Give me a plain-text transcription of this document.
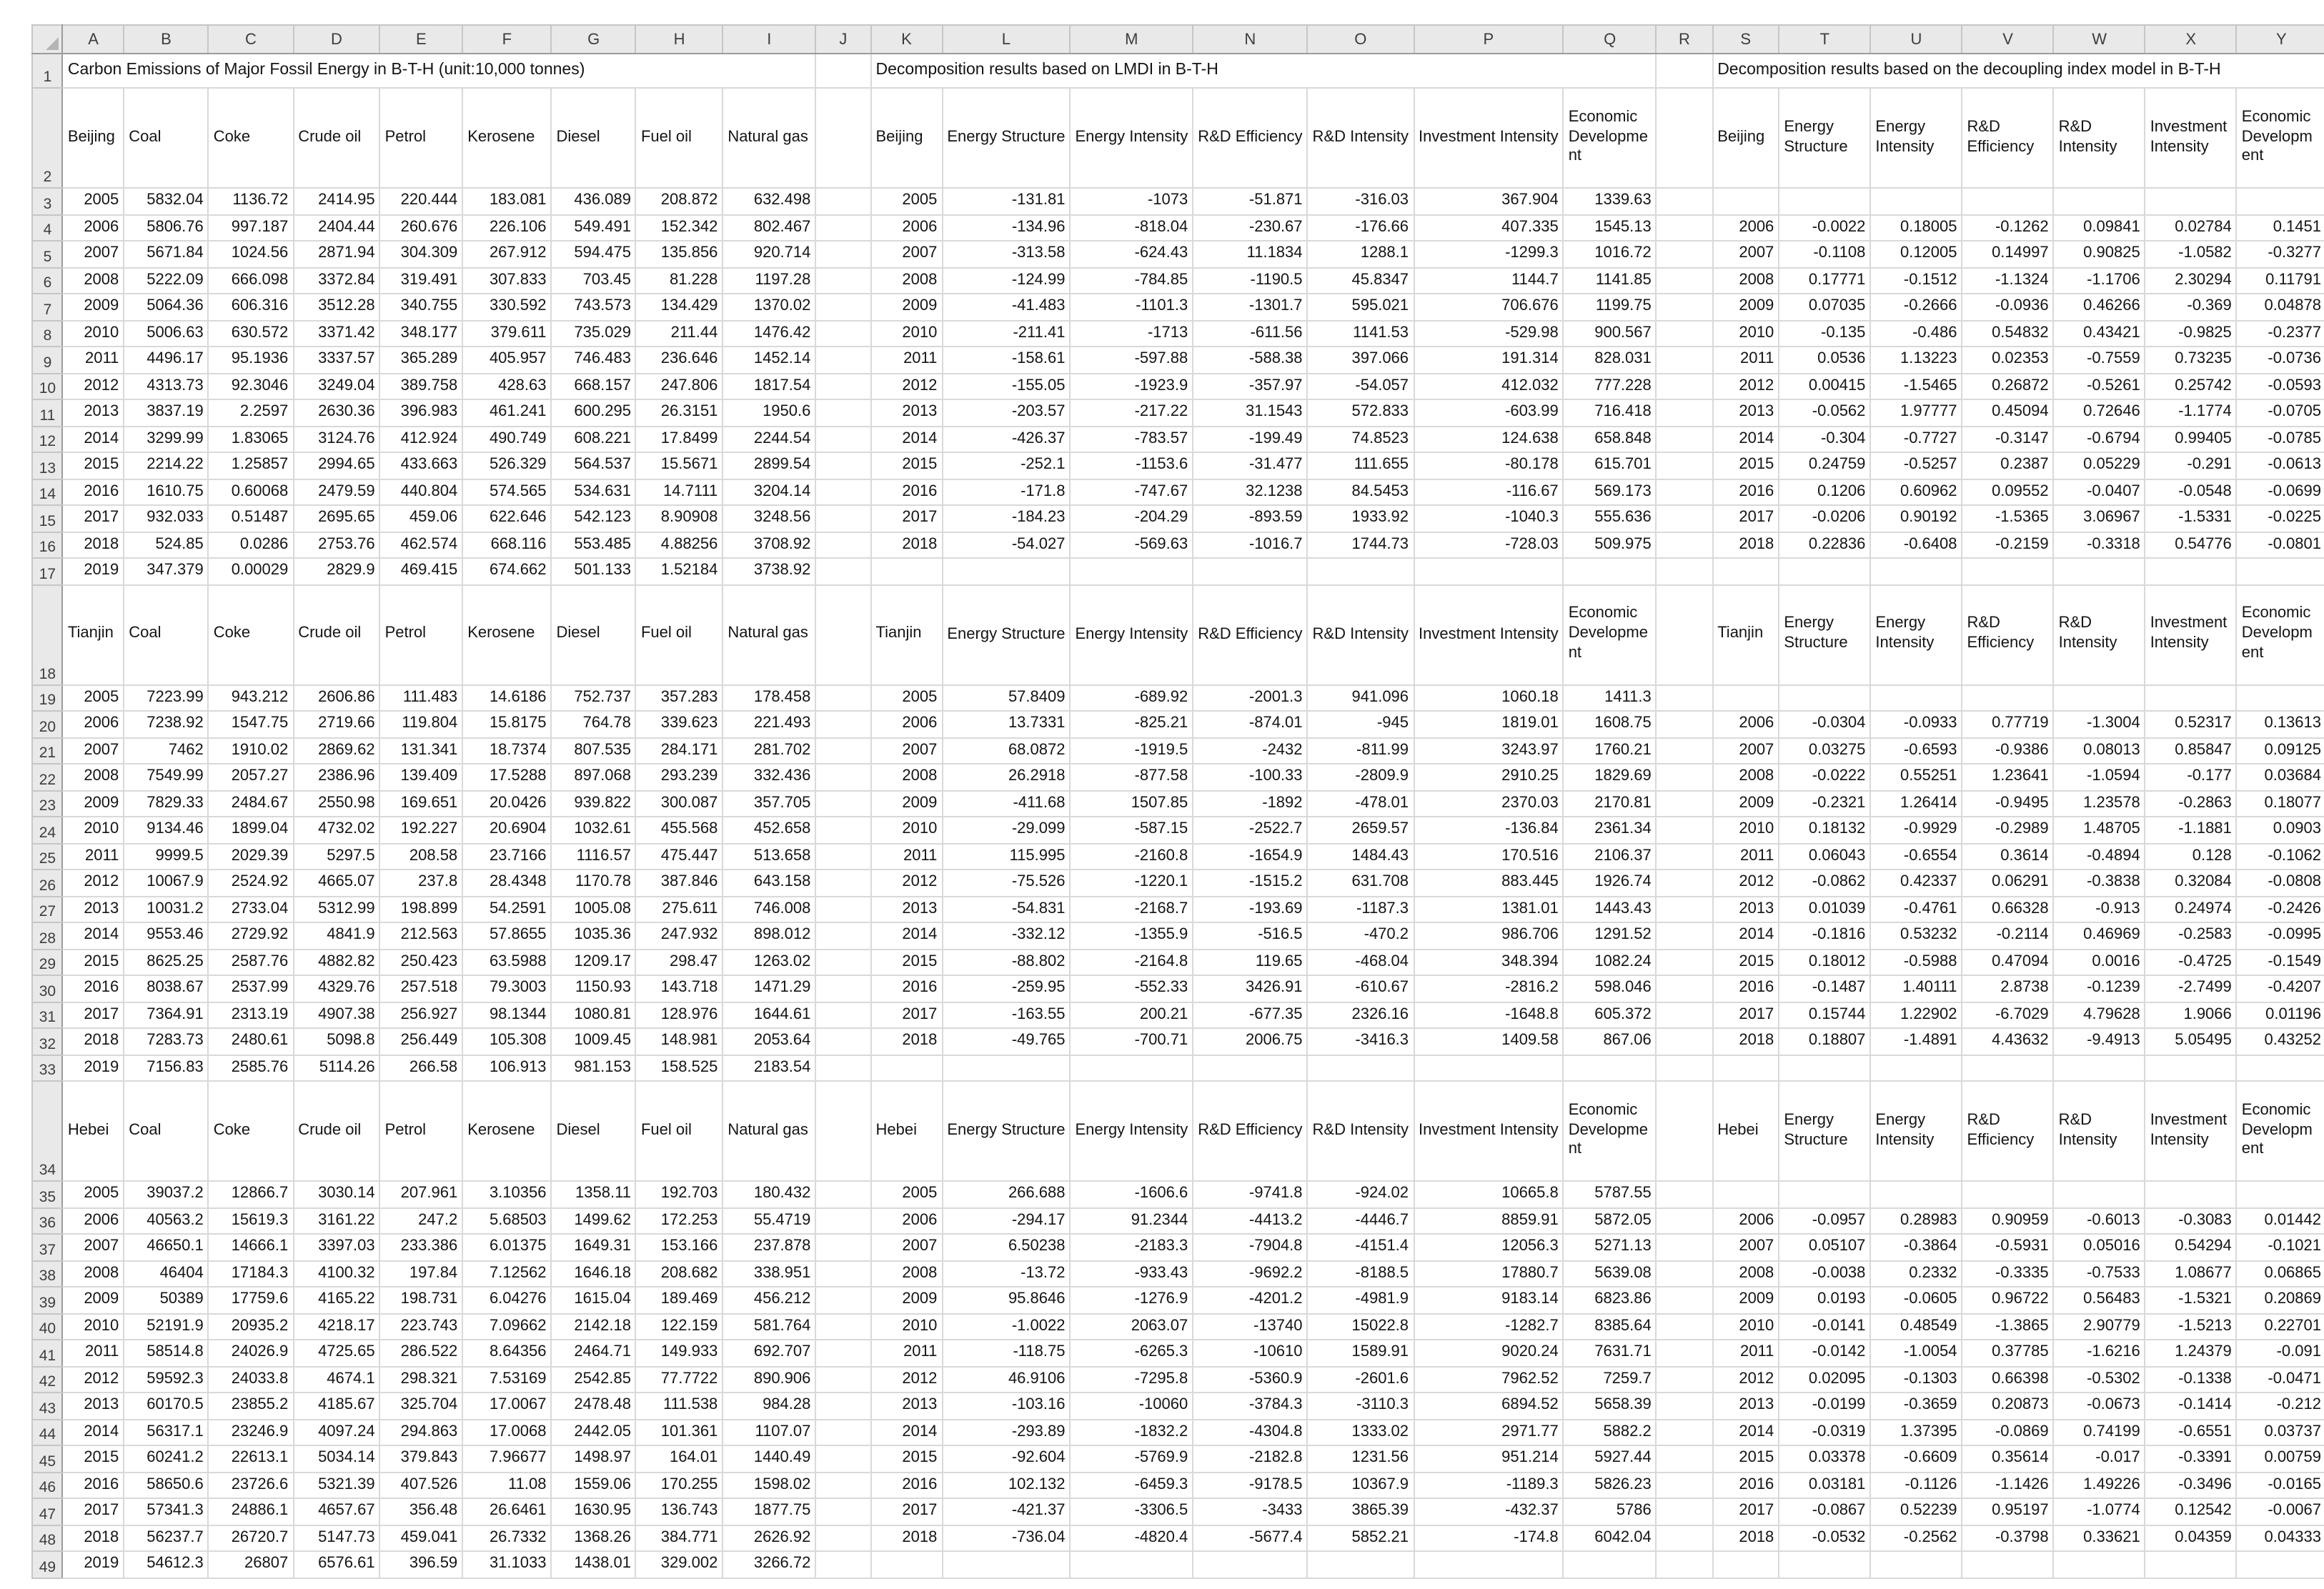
	A	B	C	D	E	F	G	H	I	J	K	L	M	N	O	P	Q	R	S	T	U	V	W	X	Y
1	Carbon Emissions of Major Fossil Energy in B-T-H (unit:10,000 tonnes)										Decomposition results based on LMDI in B-T-H								Decomposition results based on the decoupling index model in B-T-H						
2	Beijing	Coal	Coke	Crude oil	Petrol	Kerosene	Diesel	Fuel oil	Natural gas		Beijing	Energy Structure	Energy Intensity	R&D Efficiency	R&D Intensity	Investment Intensity	Economic Development		Beijing	Energy Structure	Energy Intensity	R&D Efficiency	R&D Intensity	Investment Intensity	Economic Development
3	2005	5832.04	1136.72	2414.95	220.444	183.081	436.089	208.872	632.498		2005	-131.81	-1073	-51.871	-316.03	367.904	1339.63								
4	2006	5806.76	997.187	2404.44	260.676	226.106	549.491	152.342	802.467		2006	-134.96	-818.04	-230.67	-176.66	407.335	1545.13		2006	-0.0022	0.18005	-0.1262	0.09841	0.02784	0.1451
5	2007	5671.84	1024.56	2871.94	304.309	267.912	594.475	135.856	920.714		2007	-313.58	-624.43	11.1834	1288.1	-1299.3	1016.72		2007	-0.1108	0.12005	0.14997	0.90825	-1.0582	-0.3277
6	2008	5222.09	666.098	3372.84	319.491	307.833	703.45	81.228	1197.28		2008	-124.99	-784.85	-1190.5	45.8347	1144.7	1141.85		2008	0.17771	-0.1512	-1.1324	-1.1706	2.30294	0.11791
7	2009	5064.36	606.316	3512.28	340.755	330.592	743.573	134.429	1370.02		2009	-41.483	-1101.3	-1301.7	595.021	706.676	1199.75		2009	0.07035	-0.2666	-0.0936	0.46266	-0.369	0.04878
8	2010	5006.63	630.572	3371.42	348.177	379.611	735.029	211.44	1476.42		2010	-211.41	-1713	-611.56	1141.53	-529.98	900.567		2010	-0.135	-0.486	0.54832	0.43421	-0.9825	-0.2377
9	2011	4496.17	95.1936	3337.57	365.289	405.957	746.483	236.646	1452.14		2011	-158.61	-597.88	-588.38	397.066	191.314	828.031		2011	0.0536	1.13223	0.02353	-0.7559	0.73235	-0.0736
10	2012	4313.73	92.3046	3249.04	389.758	428.63	668.157	247.806	1817.54		2012	-155.05	-1923.9	-357.97	-54.057	412.032	777.228		2012	0.00415	-1.5465	0.26872	-0.5261	0.25742	-0.0593
11	2013	3837.19	2.2597	2630.36	396.983	461.241	600.295	26.3151	1950.6		2013	-203.57	-217.22	31.1543	572.833	-603.99	716.418		2013	-0.0562	1.97777	0.45094	0.72646	-1.1774	-0.0705
12	2014	3299.99	1.83065	3124.76	412.924	490.749	608.221	17.8499	2244.54		2014	-426.37	-783.57	-199.49	74.8523	124.638	658.848		2014	-0.304	-0.7727	-0.3147	-0.6794	0.99405	-0.0785
13	2015	2214.22	1.25857	2994.65	433.663	526.329	564.537	15.5671	2899.54		2015	-252.1	-1153.6	-31.477	111.655	-80.178	615.701		2015	0.24759	-0.5257	0.2387	0.05229	-0.291	-0.0613
14	2016	1610.75	0.60068	2479.59	440.804	574.565	534.631	14.7111	3204.14		2016	-171.8	-747.67	32.1238	84.5453	-116.67	569.173		2016	0.1206	0.60962	0.09552	-0.0407	-0.0548	-0.0699
15	2017	932.033	0.51487	2695.65	459.06	622.646	542.123	8.90908	3248.56		2017	-184.23	-204.29	-893.59	1933.92	-1040.3	555.636		2017	-0.0206	0.90192	-1.5365	3.06967	-1.5331	-0.0225
16	2018	524.85	0.0286	2753.76	462.574	668.116	553.485	4.88256	3708.92		2018	-54.027	-569.63	-1016.7	1744.73	-728.03	509.975		2018	0.22836	-0.6408	-0.2159	-0.3318	0.54776	-0.0801
17	2019	347.379	0.00029	2829.9	469.415	674.662	501.133	1.52184	3738.92																
18	Tianjin	Coal	Coke	Crude oil	Petrol	Kerosene	Diesel	Fuel oil	Natural gas		Tianjin	Energy Structure	Energy Intensity	R&D Efficiency	R&D Intensity	Investment Intensity	Economic Development		Tianjin	Energy Structure	Energy Intensity	R&D Efficiency	R&D Intensity	Investment Intensity	Economic Development
19	2005	7223.99	943.212	2606.86	111.483	14.6186	752.737	357.283	178.458		2005	57.8409	-689.92	-2001.3	941.096	1060.18	1411.3								
20	2006	7238.92	1547.75	2719.66	119.804	15.8175	764.78	339.623	221.493		2006	13.7331	-825.21	-874.01	-945	1819.01	1608.75		2006	-0.0304	-0.0933	0.77719	-1.3004	0.52317	0.13613
21	2007	7462	1910.02	2869.62	131.341	18.7374	807.535	284.171	281.702		2007	68.0872	-1919.5	-2432	-811.99	3243.97	1760.21		2007	0.03275	-0.6593	-0.9386	0.08013	0.85847	0.09125
22	2008	7549.99	2057.27	2386.96	139.409	17.5288	897.068	293.239	332.436		2008	26.2918	-877.58	-100.33	-2809.9	2910.25	1829.69		2008	-0.0222	0.55251	1.23641	-1.0594	-0.177	0.03684
23	2009	7829.33	2484.67	2550.98	169.651	20.0426	939.822	300.087	357.705		2009	-411.68	1507.85	-1892	-478.01	2370.03	2170.81		2009	-0.2321	1.26414	-0.9495	1.23578	-0.2863	0.18077
24	2010	9134.46	1899.04	4732.02	192.227	20.6904	1032.61	455.568	452.658		2010	-29.099	-587.15	-2522.7	2659.57	-136.84	2361.34		2010	0.18132	-0.9929	-0.2989	1.48705	-1.1881	0.0903
25	2011	9999.5	2029.39	5297.5	208.58	23.7166	1116.57	475.447	513.658		2011	115.995	-2160.8	-1654.9	1484.43	170.516	2106.37		2011	0.06043	-0.6554	0.3614	-0.4894	0.128	-0.1062
26	2012	10067.9	2524.92	4665.07	237.8	28.4348	1170.78	387.846	643.158		2012	-75.526	-1220.1	-1515.2	631.708	883.445	1926.74		2012	-0.0862	0.42337	0.06291	-0.3838	0.32084	-0.0808
27	2013	10031.2	2733.04	5312.99	198.899	54.2591	1005.08	275.611	746.008		2013	-54.831	-2168.7	-193.69	-1187.3	1381.01	1443.43		2013	0.01039	-0.4761	0.66328	-0.913	0.24974	-0.2426
28	2014	9553.46	2729.92	4841.9	212.563	57.8655	1035.36	247.932	898.012		2014	-332.12	-1355.9	-516.5	-470.2	986.706	1291.52		2014	-0.1816	0.53232	-0.2114	0.46969	-0.2583	-0.0995
29	2015	8625.25	2587.76	4882.82	250.423	63.5988	1209.17	298.47	1263.02		2015	-88.802	-2164.8	119.65	-468.04	348.394	1082.24		2015	0.18012	-0.5988	0.47094	0.0016	-0.4725	-0.1549
30	2016	8038.67	2537.99	4329.76	257.518	79.3003	1150.93	143.718	1471.29		2016	-259.95	-552.33	3426.91	-610.67	-2816.2	598.046		2016	-0.1487	1.40111	2.8738	-0.1239	-2.7499	-0.4207
31	2017	7364.91	2313.19	4907.38	256.927	98.1344	1080.81	128.976	1644.61		2017	-163.55	200.21	-677.35	2326.16	-1648.8	605.372		2017	0.15744	1.22902	-6.7029	4.79628	1.9066	0.01196
32	2018	7283.73	2480.61	5098.8	256.449	105.308	1009.45	148.981	2053.64		2018	-49.765	-700.71	2006.75	-3416.3	1409.58	867.06		2018	0.18807	-1.4891	4.43632	-9.4913	5.05495	0.43252
33	2019	7156.83	2585.76	5114.26	266.58	106.913	981.153	158.525	2183.54																
34	Hebei	Coal	Coke	Crude oil	Petrol	Kerosene	Diesel	Fuel oil	Natural gas		Hebei	Energy Structure	Energy Intensity	R&D Efficiency	R&D Intensity	Investment Intensity	Economic Development		Hebei	Energy Structure	Energy Intensity	R&D Efficiency	R&D Intensity	Investment Intensity	Economic Development
35	2005	39037.2	12866.7	3030.14	207.961	3.10356	1358.11	192.703	180.432		2005	266.688	-1606.6	-9741.8	-924.02	10665.8	5787.55								
36	2006	40563.2	15619.3	3161.22	247.2	5.68503	1499.62	172.253	55.4719		2006	-294.17	91.2344	-4413.2	-4446.7	8859.91	5872.05		2006	-0.0957	0.28983	0.90959	-0.6013	-0.3083	0.01442
37	2007	46650.1	14666.1	3397.03	233.386	6.01375	1649.31	153.166	237.878		2007	6.50238	-2183.3	-7904.8	-4151.4	12056.3	5271.13		2007	0.05107	-0.3864	-0.5931	0.05016	0.54294	-0.1021
38	2008	46404	17184.3	4100.32	197.84	7.12562	1646.18	208.682	338.951		2008	-13.72	-933.43	-9692.2	-8188.5	17880.7	5639.08		2008	-0.0038	0.2332	-0.3335	-0.7533	1.08677	0.06865
39	2009	50389	17759.6	4165.22	198.731	6.04276	1615.04	189.469	456.212		2009	95.8646	-1276.9	-4201.2	-4981.9	9183.14	6823.86		2009	0.0193	-0.0605	0.96722	0.56483	-1.5321	0.20869
40	2010	52191.9	20935.2	4218.17	223.743	7.09662	2142.18	122.159	581.764		2010	-1.0022	2063.07	-13740	15022.8	-1282.7	8385.64		2010	-0.0141	0.48549	-1.3865	2.90779	-1.5213	0.22701
41	2011	58514.8	24026.9	4725.65	286.522	8.64356	2464.71	149.933	692.707		2011	-118.75	-6265.3	-10610	1589.91	9020.24	7631.71		2011	-0.0142	-1.0054	0.37785	-1.6216	1.24379	-0.091
42	2012	59592.3	24033.8	4674.1	298.321	7.53169	2542.85	77.7722	890.906		2012	46.9106	-7295.8	-5360.9	-2601.6	7962.52	7259.7		2012	0.02095	-0.1303	0.66398	-0.5302	-0.1338	-0.0471
43	2013	60170.5	23855.2	4185.67	325.704	17.0067	2478.48	111.538	984.28		2013	-103.16	-10060	-3784.3	-3110.3	6894.52	5658.39		2013	-0.0199	-0.3659	0.20873	-0.0673	-0.1414	-0.212
44	2014	56317.1	23246.9	4097.24	294.863	17.0068	2442.05	101.361	1107.07		2014	-293.89	-1832.2	-4304.8	1333.02	2971.77	5882.2		2014	-0.0319	1.37395	-0.0869	0.74199	-0.6551	0.03737
45	2015	60241.2	22613.1	5034.14	379.843	7.96677	1498.97	164.01	1440.49		2015	-92.604	-5769.9	-2182.8	1231.56	951.214	5927.44		2015	0.03378	-0.6609	0.35614	-0.017	-0.3391	0.00759
46	2016	58650.6	23726.6	5321.39	407.526	11.08	1559.06	170.255	1598.02		2016	102.132	-6459.3	-9178.5	10367.9	-1189.3	5826.23		2016	0.03181	-0.1126	-1.1426	1.49226	-0.3496	-0.0165
47	2017	57341.3	24886.1	4657.67	356.48	26.6461	1630.95	136.743	1877.75		2017	-421.37	-3306.5	-3433	3865.39	-432.37	5786		2017	-0.0867	0.52239	0.95197	-1.0774	0.12542	-0.0067
48	2018	56237.7	26720.7	5147.73	459.041	26.7332	1368.26	384.771	2626.92		2018	-736.04	-4820.4	-5677.4	5852.21	-174.8	6042.04		2018	-0.0532	-0.2562	-0.3798	0.33621	0.04359	0.04333
49	2019	54612.3	26807	6576.61	396.59	31.1033	1438.01	329.002	3266.72																
